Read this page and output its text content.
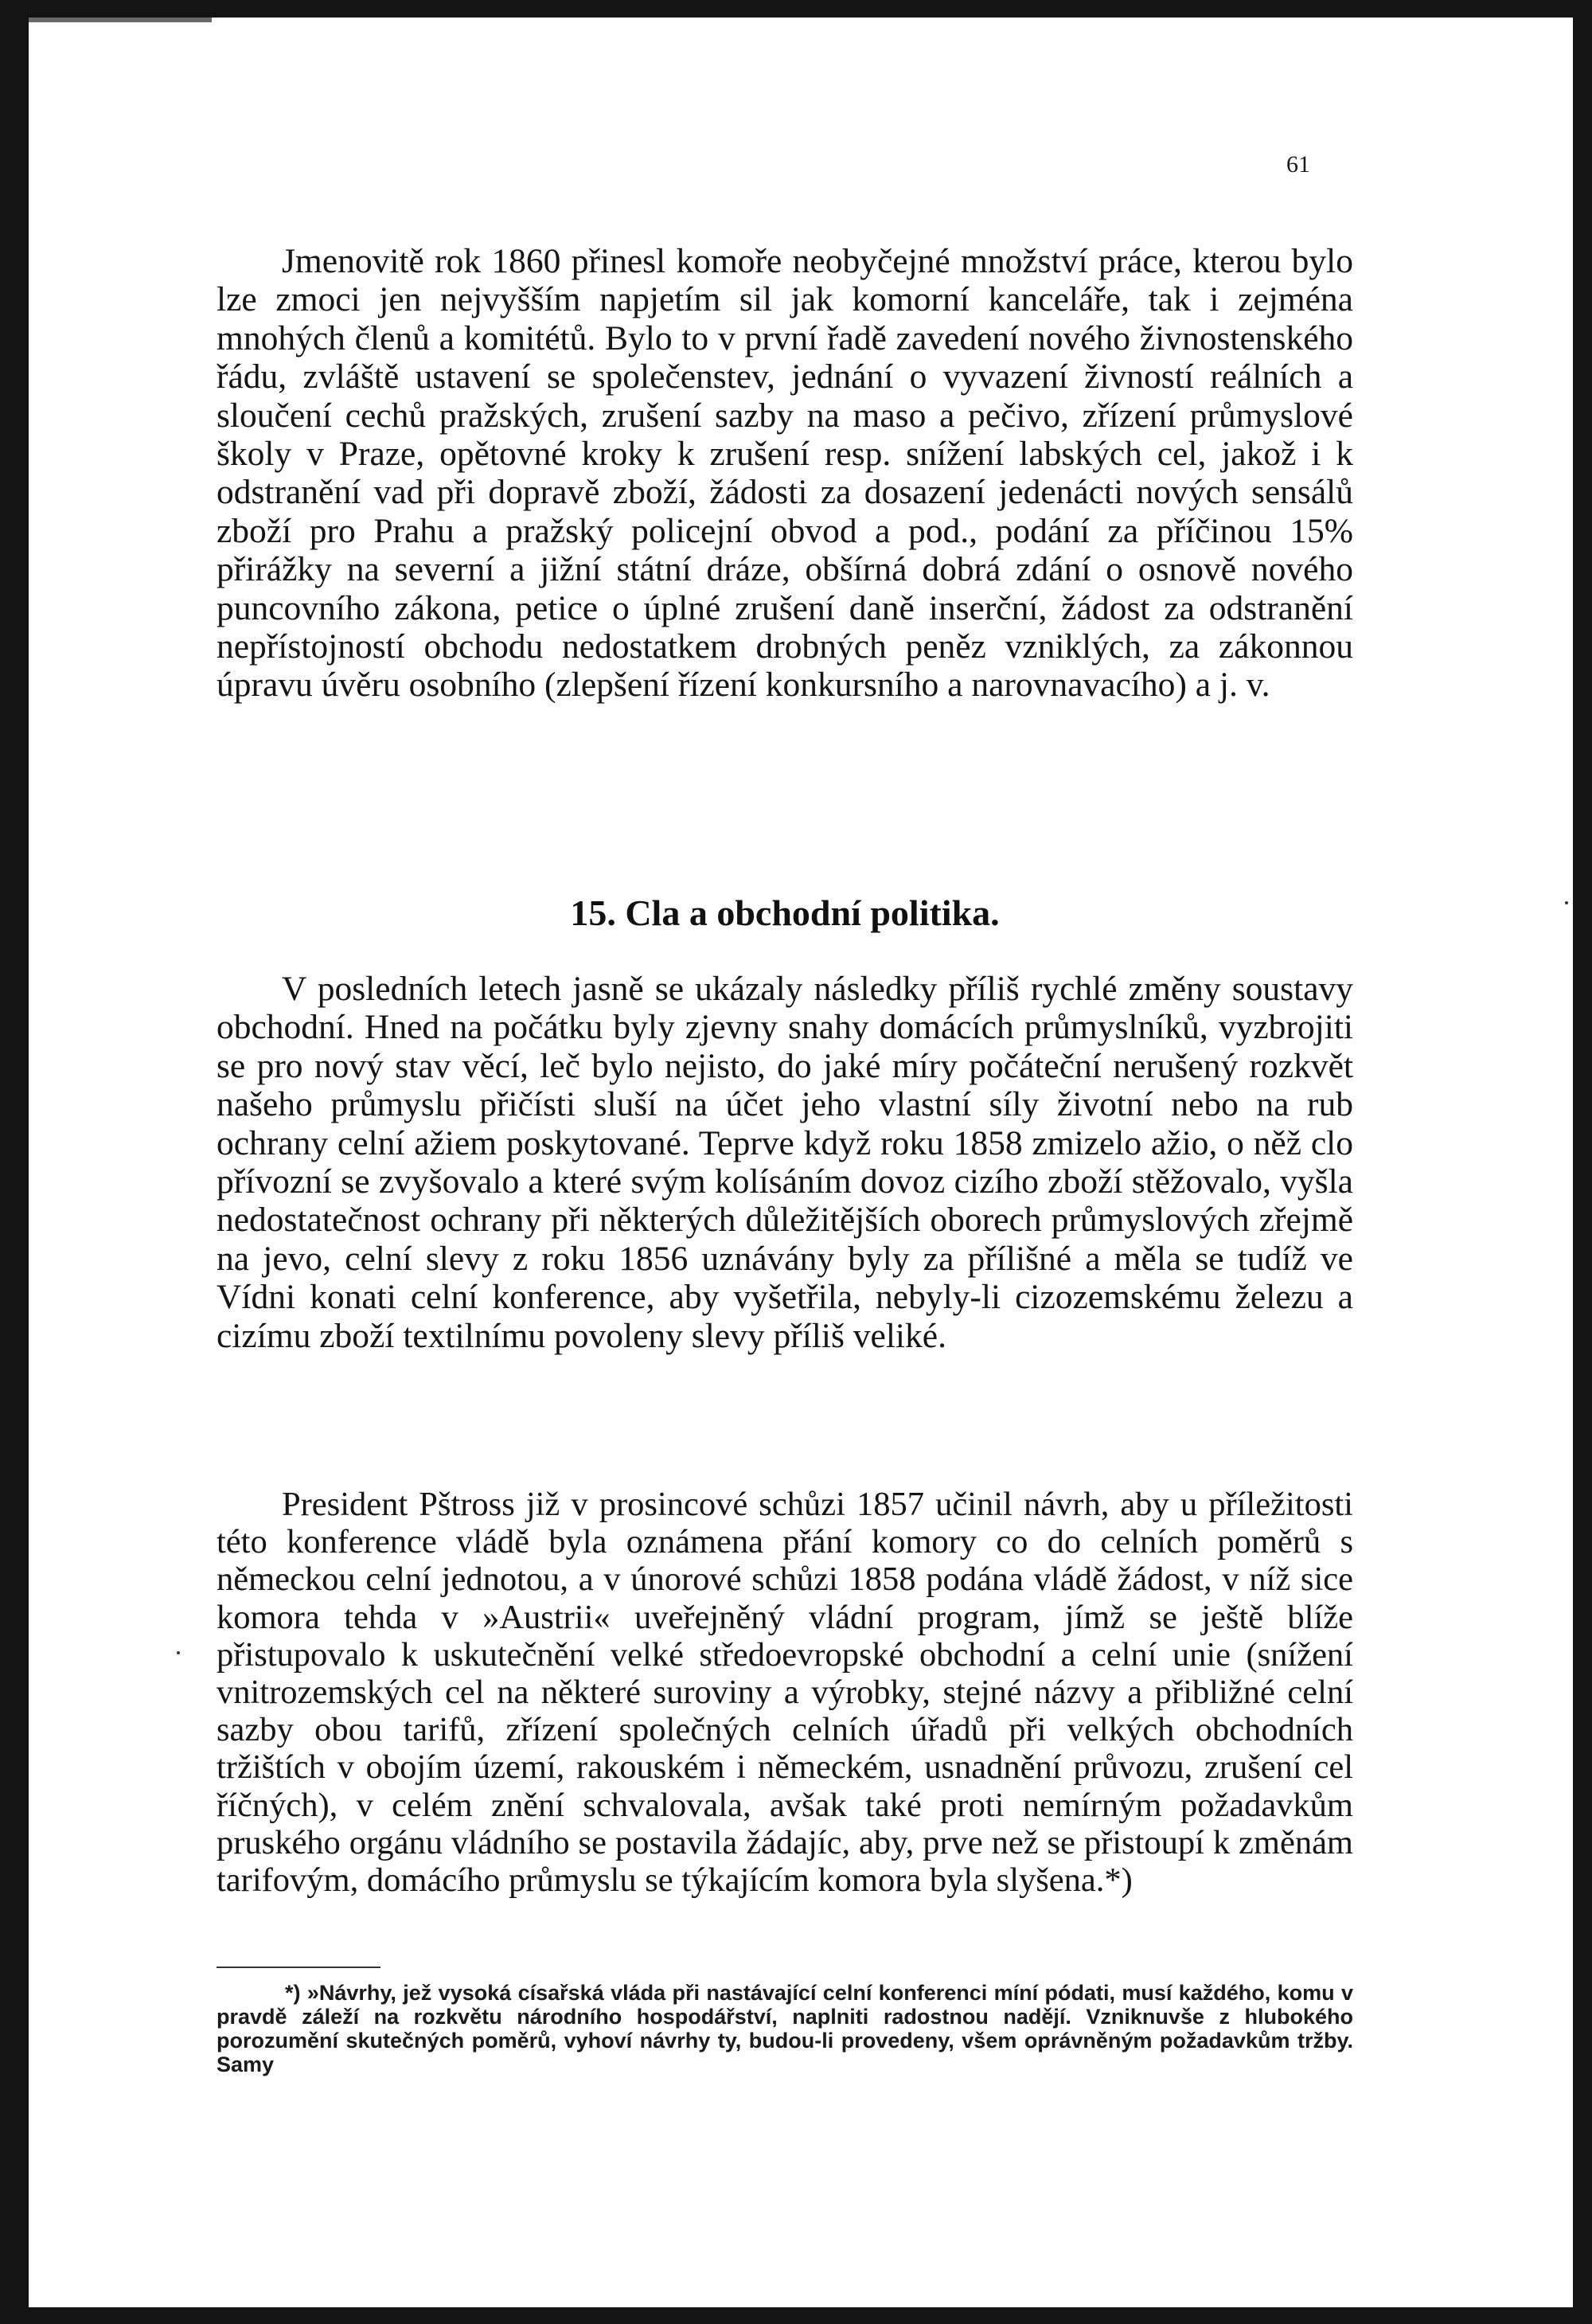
61

Jmenovitě rok 1860 přinesl komoře neobyčejné množství práce, kterou bylo lze zmoci jen nejvyšším napjetím sil jak komorní kanceláře, tak i zejména mnohých členů a komitétů. Bylo to v první řadě zavedení nového živnostenského řádu, zvláště ustavení se společenstev, jednání o vyvazení živností reálních a sloučení cechů pražských, zrušení sazby na maso a pečivo, zřízení průmyslové školy v Praze, opětovné kroky k zrušení resp. snížení labských cel, jakož i k odstranění vad při dopravě zboží, žádosti za dosazení jedenácti nových sensálů zboží pro Prahu a pražský policejní obvod a pod., podání za příčinou 15% přirážky na severní a jižní státní dráze, obšírná dobrá zdání o osnově nového puncovního zákona, petice o úplné zrušení daně inserční, žádost za odstranění nepřístojností obchodu nedostatkem drobných peněz vzniklých, za zákonnou úpravu úvěru osobního (zlepšení řízení konkursního a narovnavacího) a j. v.

15. Cla a obchodní politika.

V posledních letech jasně se ukázaly následky příliš rychlé změny soustavy obchodní. Hned na počátku byly zjevny snahy domácích průmyslníků, vyzbrojiti se pro nový stav věcí, leč bylo nejisto, do jaké míry počáteční nerušený rozkvět našeho průmyslu přičísti sluší na účet jeho vlastní síly životní nebo na rub ochrany celní ažiem poskytované. Teprve když roku 1858 zmizelo ažio, o něž clo přívozní se zvyšovalo a které svým kolísáním dovoz cizího zboží stěžovalo, vyšla nedostatečnost ochrany při některých důležitějších oborech průmyslových zřejmě na jevo, celní slevy z roku 1856 uznávány byly za přílišné a měla se tudíž ve Vídni konati celní konference, aby vyšetřila, nebyly-li cizozemskému železu a cizímu zboží textilnímu povoleny slevy příliš veliké.

President Pštross již v prosincové schůzi 1857 učinil návrh, aby u příležitosti této konference vládě byla oznámena přání komory co do celních poměrů s německou celní jednotou, a v únorové schůzi 1858 podána vládě žádost, v níž sice komora tehda v »Austrii« uveřejněný vládní program, jímž se ještě blíže přistupovalo k uskutečnění velké středoevropské obchodní a celní unie (snížení vnitrozemských cel na některé suroviny a výrobky, stejné názvy a přibližné celní sazby obou tarifů, zřízení společných celních úřadů při velkých obchodních tržištích v obojím území, rakouském i německém, usnadnění průvozu, zrušení cel říčných), v celém znění schvalovala, avšak také proti nemírným požadavkům pruského orgánu vládního se postavila žádajíc, aby, prve než se přistoupí k změnám tarifovým, domácího průmyslu se týkajícím komora byla slyšena.*)

*) »Návrhy, jež vysoká císařská vláda při nastávající celní konferenci míní pódati, musí každého, komu v pravdě záleží na rozkvětu národního hospodářství, naplniti radostnou nadějí. Vzniknuvše z hlubokého porozumění skutečných poměrů, vyhoví návrhy ty, budou-li provedeny, všem oprávněným požadavkům tržby. Samy
